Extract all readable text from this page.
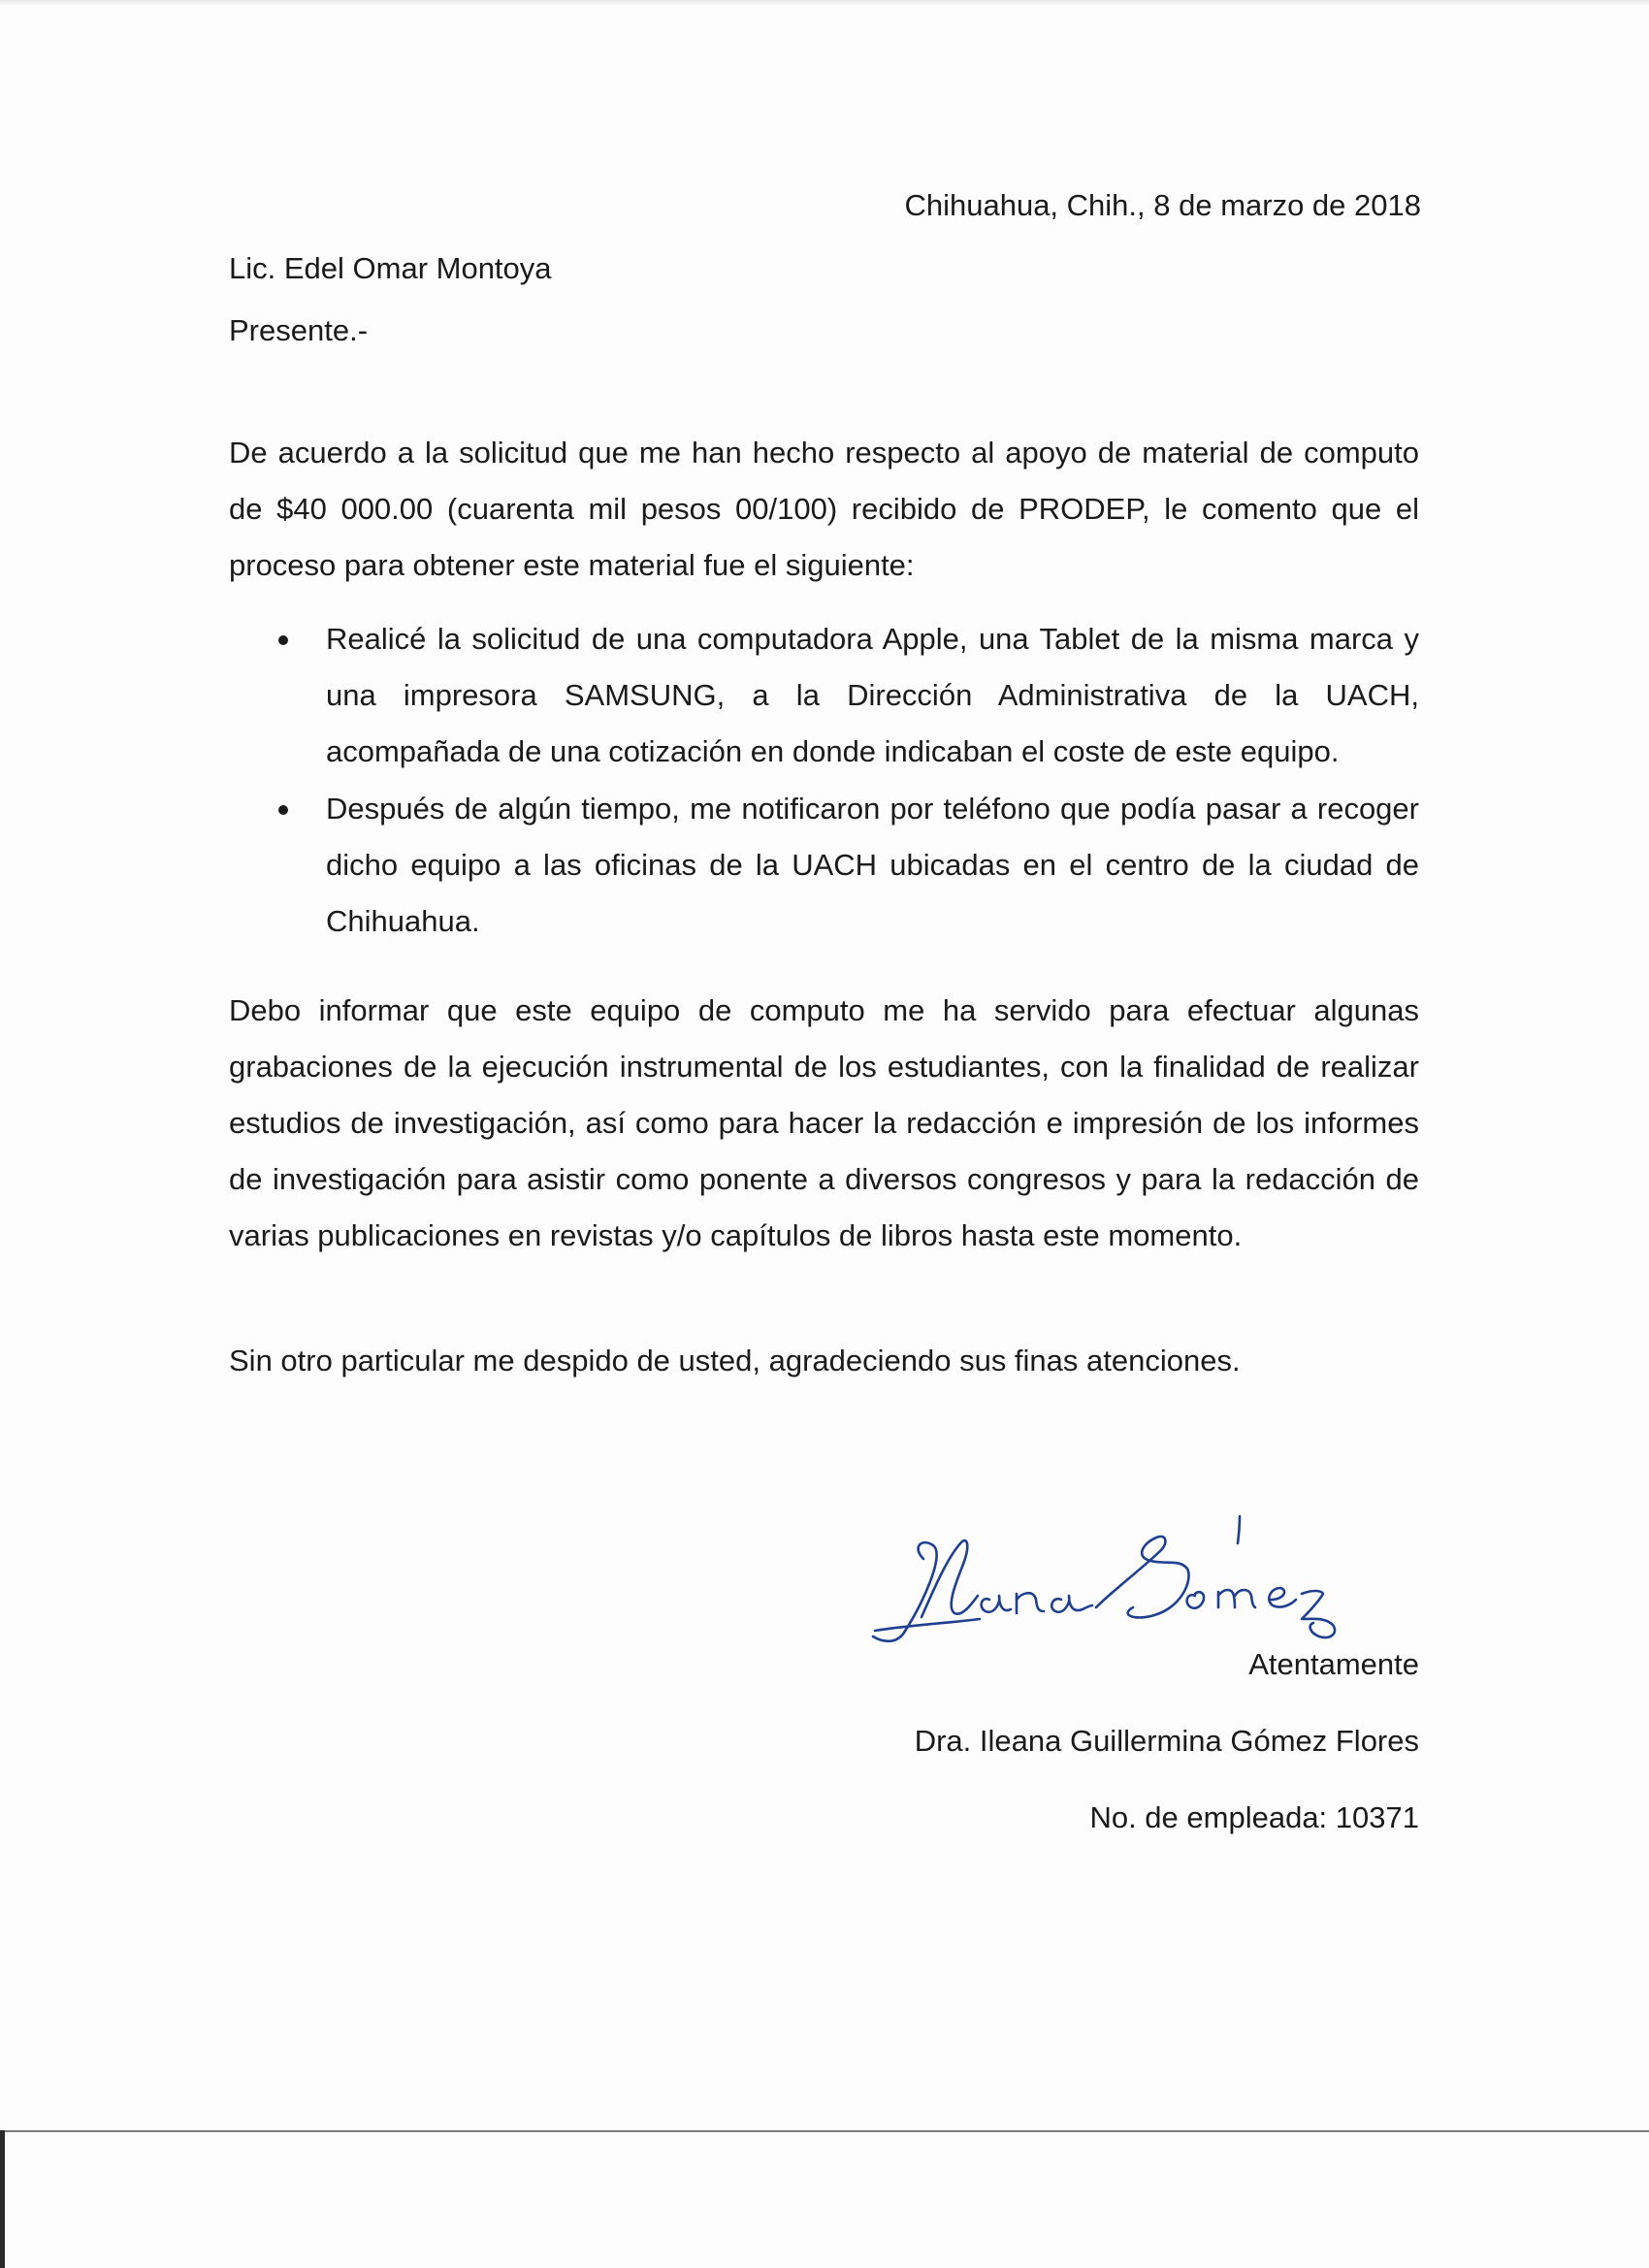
Chihuahua, Chih., 8 de marzo de 2018
Lic. Edel Omar Montoya
Presente.-
De acuerdo a la solicitud que me han hecho respecto al apoyo de material de computo de $40 000.00 (cuarenta mil pesos 00/100) recibido de PRODEP, le comento que el proceso para obtener este material fue el siguiente:
Realicé la solicitud de una computadora Apple, una Tablet de la misma marca y una impresora SAMSUNG, a la Dirección Administrativa de la UACH, acompañada de una cotización en donde indicaban el coste de este equipo.
Después de algún tiempo, me notificaron por teléfono que podía pasar a recoger dicho equipo a las oficinas de la UACH ubicadas en el centro de la ciudad de Chihuahua.
Debo informar que este equipo de computo me ha servido para efectuar algunas grabaciones de la ejecución instrumental de los estudiantes, con la finalidad de realizar estudios de investigación, así como para hacer la redacción e impresión de los informes de investigación para asistir como ponente a diversos congresos y para la redacción de varias publicaciones en revistas y/o capítulos de libros hasta este momento.
Sin otro particular me despido de usted, agradeciendo sus finas atenciones.
Atentamente
Dra. Ileana Guillermina Gómez Flores
No. de empleada: 10371
